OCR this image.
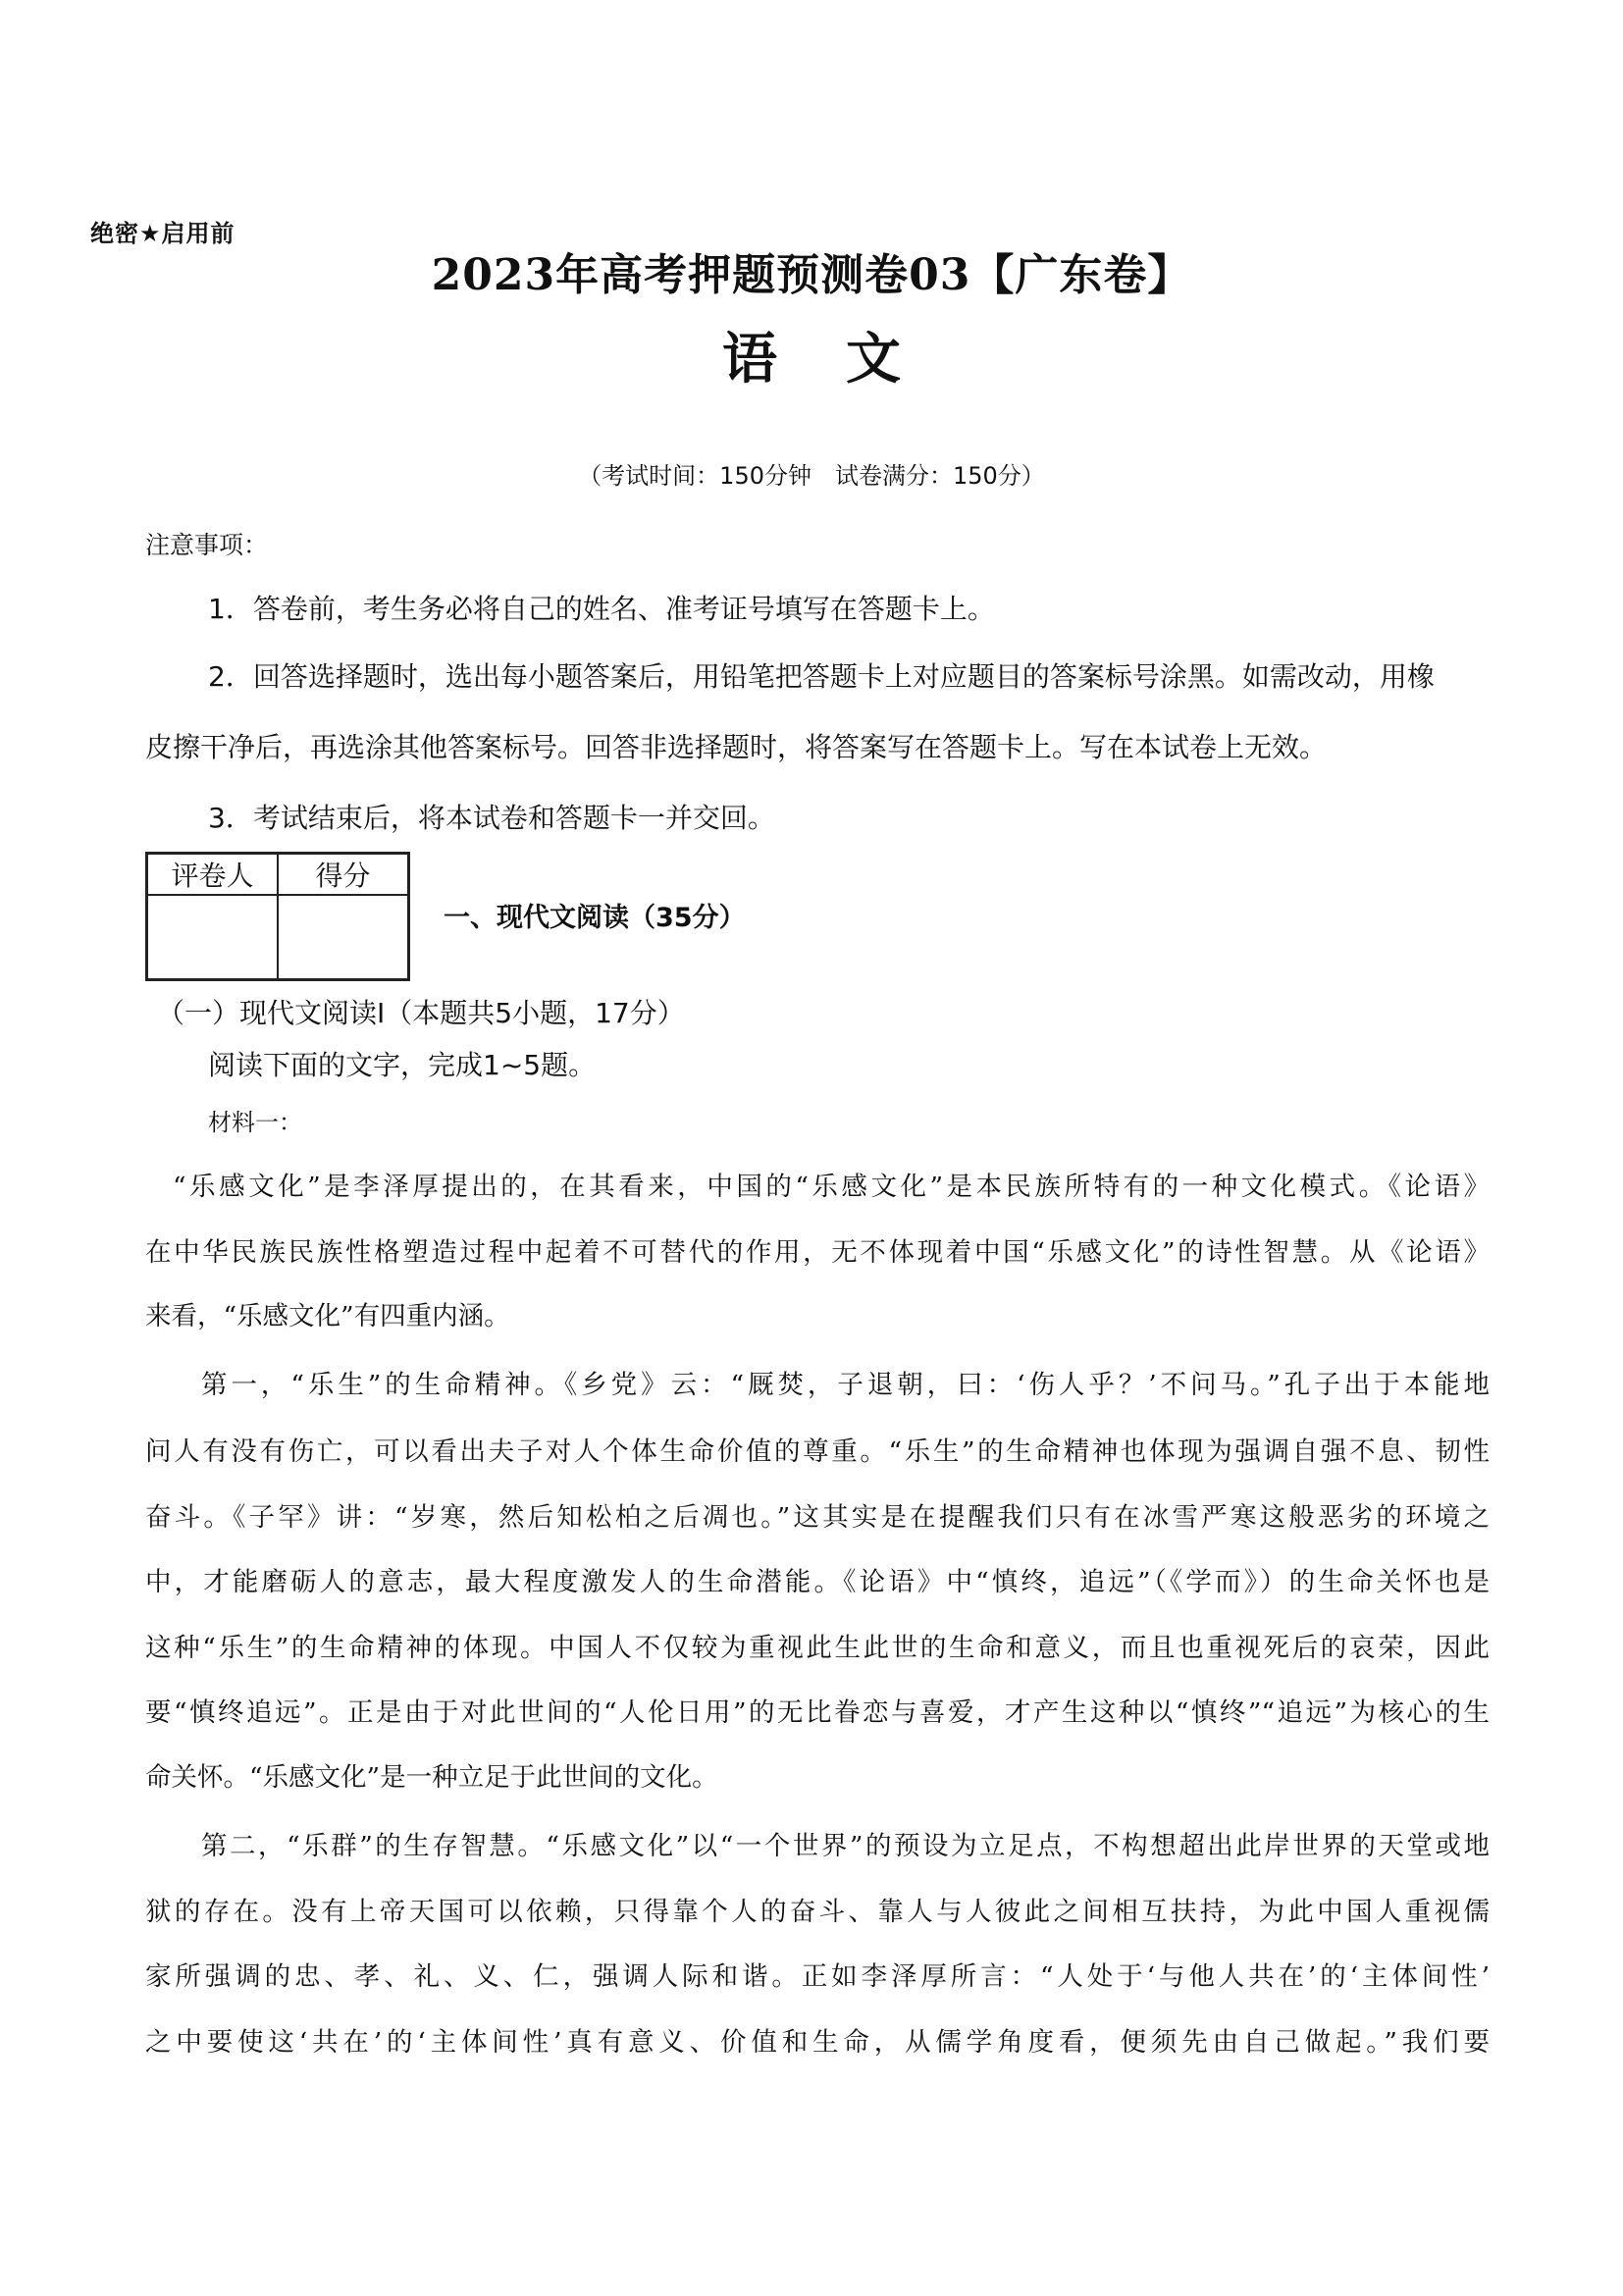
绝密★启用前
2023年高考押题预测卷03【广东卷】
语文
（考试时间：150分钟　试卷满分：150分）
注意事项：
1．答卷前，考生务必将自己的姓名、准考证号填写在答题卡上。
2．回答选择题时，选出每小题答案后，用铅笔把答题卡上对应题目的答案标号涂黑。如需改动，用橡
皮擦干净后，再选涂其他答案标号。回答非选择题时，将答案写在答题卡上。写在本试卷上无效。
3．考试结束后，将本试卷和答题卡一并交回。
评卷人	得分

一、现代文阅读（35分）
（一）现代文阅读Ⅰ（本题共5小题，17分）
阅读下面的文字，完成1~5题。
材料一：
“乐感文化”是李泽厚提出的，在其看来，中国的“乐感文化”是本民族所特有的一种文化模式。《论语》
在中华民族民族性格塑造过程中起着不可替代的作用，无不体现着中国“乐感文化”的诗性智慧。从《论语》
来看，“乐感文化”有四重内涵。
第一，“乐生”的生命精神。《乡党》云：“厩焚，子退朝，曰：‘伤人乎？’不问马。”孔子出于本能地
问人有没有伤亡，可以看出夫子对人个体生命价值的尊重。“乐生”的生命精神也体现为强调自强不息、韧性
奋斗。《子罕》讲：“岁寒，然后知松柏之后凋也。”这其实是在提醒我们只有在冰雪严寒这般恶劣的环境之
中，才能磨砺人的意志，最大程度激发人的生命潜能。《论语》中“慎终，追远”（《学而》）的生命关怀也是
这种“乐生”的生命精神的体现。中国人不仅较为重视此生此世的生命和意义，而且也重视死后的哀荣，因此
要“慎终追远”。正是由于对此世间的“人伦日用”的无比眷恋与喜爱，才产生这种以“慎终”“追远”为核心的生
命关怀。“乐感文化”是一种立足于此世间的文化。
第二，“乐群”的生存智慧。“乐感文化”以“一个世界”的预设为立足点，不构想超出此岸世界的天堂或地
狱的存在。没有上帝天国可以依赖，只得靠个人的奋斗、靠人与人彼此之间相互扶持，为此中国人重视儒
家所强调的忠、孝、礼、义、仁，强调人际和谐。正如李泽厚所言：“人处于‘与他人共在’的‘主体间性’
之中要使这‘共在’的‘主体间性’真有意义、价值和生命，从儒学角度看，便须先由自己做起。”我们要
